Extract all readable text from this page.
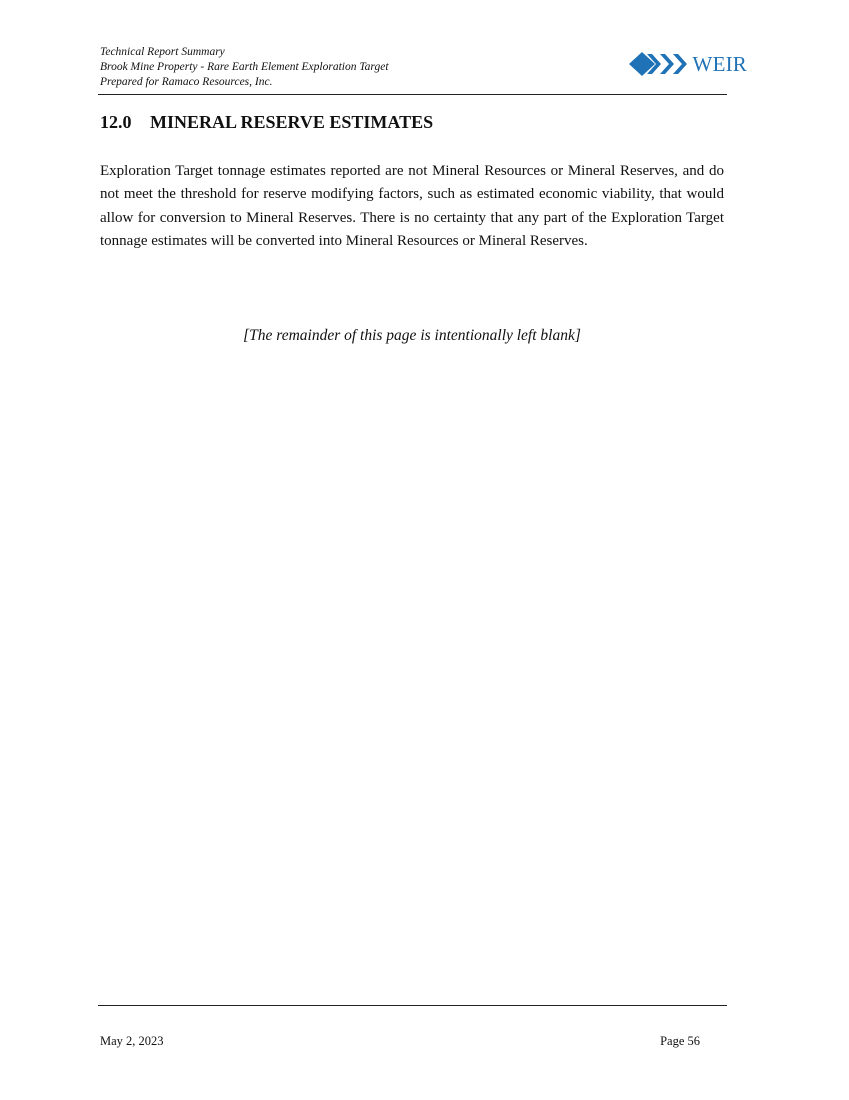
Technical Report Summary
Brook Mine Property - Rare Earth Element Exploration Target
Prepared for Ramaco Resources, Inc.
WEIR
12.0 MINERAL RESERVE ESTIMATES

Exploration Target tonnage estimates reported are not Mineral Resources or Mineral Reserves, and do not meet the threshold for reserve modifying factors, such as estimated economic viability, that would allow for conversion to Mineral Reserves. There is no certainty that any part of the Exploration Target tonnage estimates will be converted into Mineral Resources or Mineral Reserves.

[The remainder of this page is intentionally left blank]
May 2, 2023	Page 56
